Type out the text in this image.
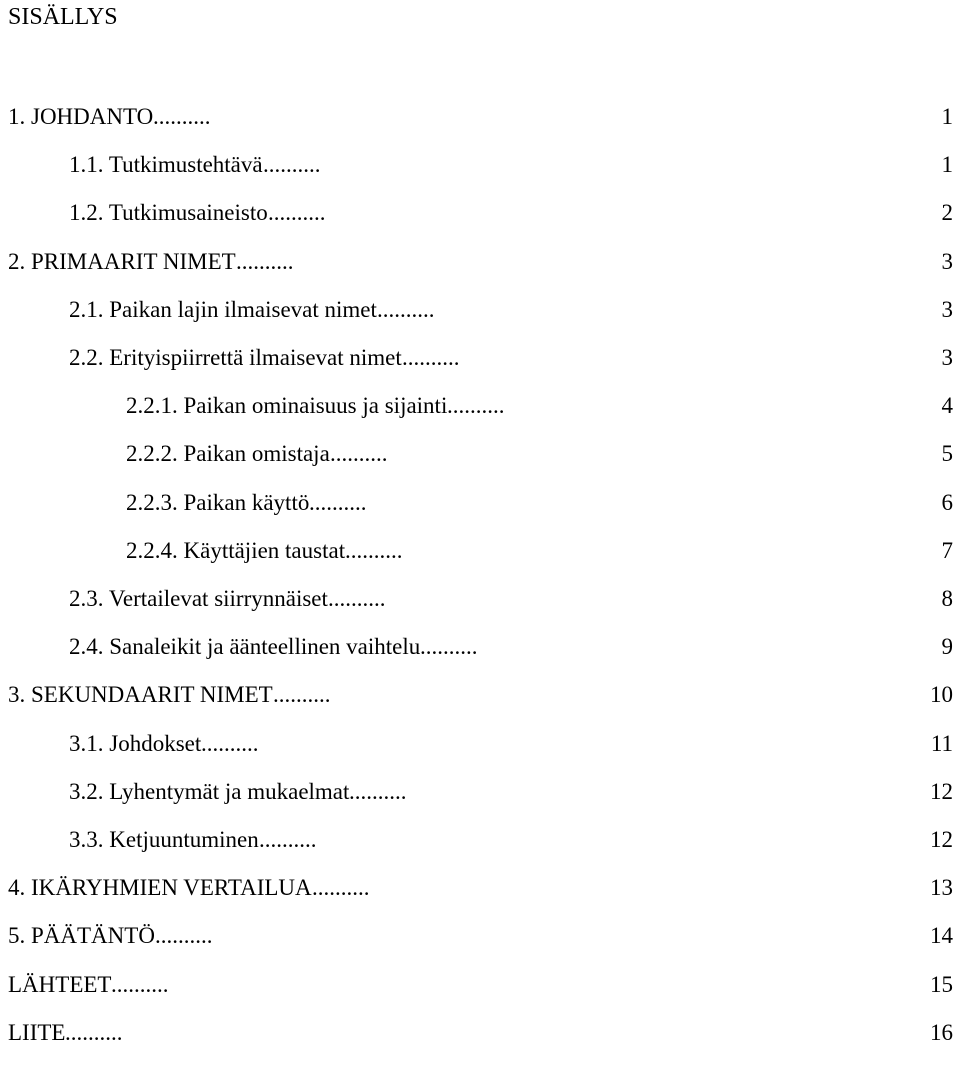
SISÄLLYS
1. JOHDANTO ..........	1
1.1. Tutkimustehtävä ..........	1
1.2. Tutkimusaineisto ..........	2
2. PRIMAARIT NIMET ..........	3
2.1. Paikan lajin ilmaisevat nimet ..........	3
2.2. Erityispiirrettä ilmaisevat nimet ..........	3
2.2.1. Paikan ominaisuus ja sijainti ..........	4
2.2.2. Paikan omistaja ..........	5
2.2.3. Paikan käyttö ..........	6
2.2.4. Käyttäjien taustat ..........	7
2.3. Vertailevat siirrynnäiset ..........	8
2.4. Sanaleikit ja äänteellinen vaihtelu ..........	9
3. SEKUNDAARIT NIMET ..........	10
3.1. Johdokset ..........	11
3.2. Lyhentymät ja mukaelmat ..........	12
3.3. Ketjuuntuminen ..........	12
4. IKÄRYHMIEN VERTAILUA ..........	13
5. PÄÄTÄNTÖ ..........	14
LÄHTEET ..........	15
LIITE ..........	16
